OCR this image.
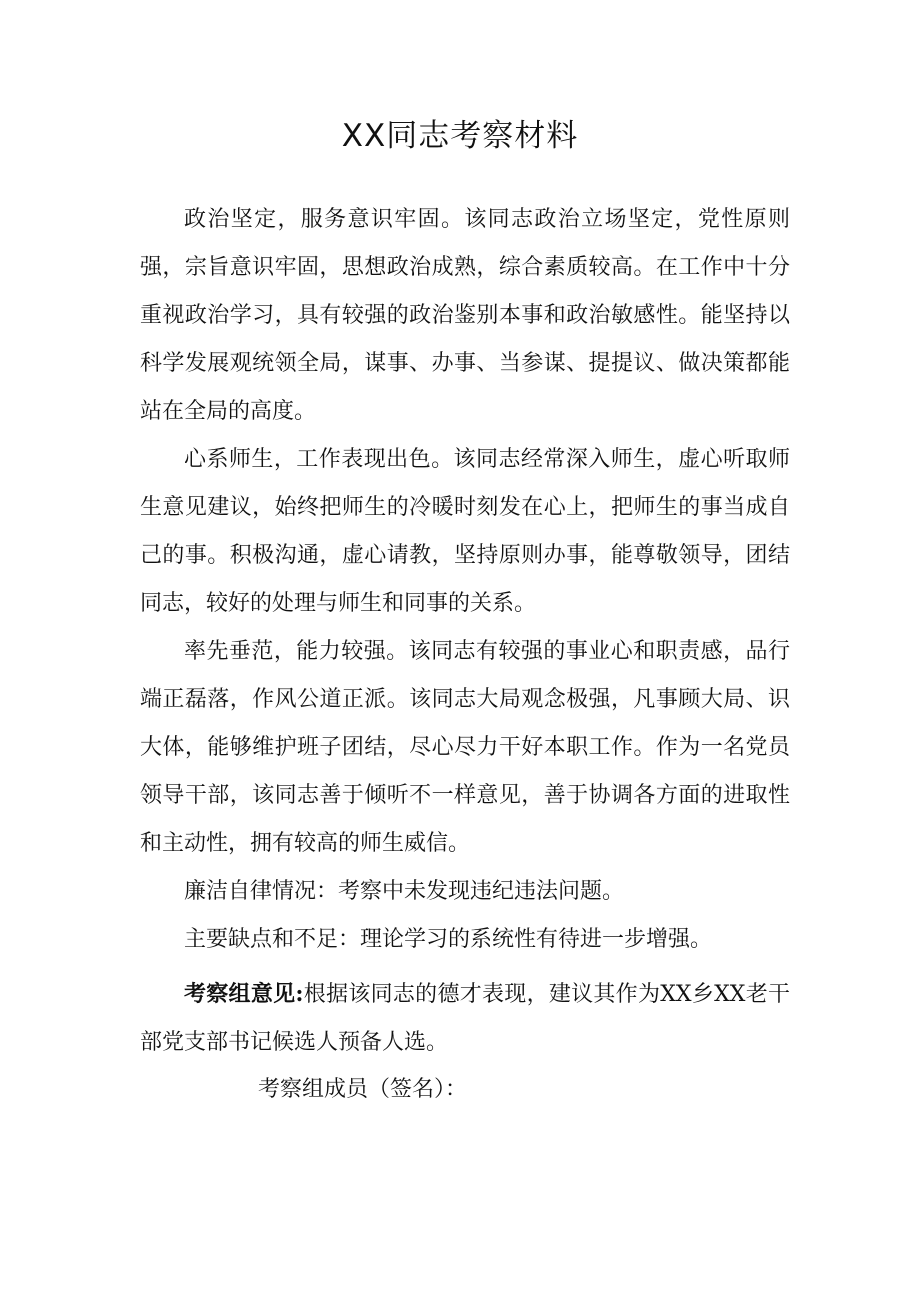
XX同志考察材料

政治坚定，服务意识牢固。该同志政治立场坚定，党性原则强，宗旨意识牢固，思想政治成熟，综合素质较高。在工作中十分重视政治学习，具有较强的政治鉴别本事和政治敏感性。能坚持以科学发展观统领全局，谋事、办事、当参谋、提提议、做决策都能站在全局的高度。

心系师生，工作表现出色。该同志经常深入师生，虚心听取师生意见建议，始终把师生的冷暖时刻发在心上，把师生的事当成自己的事。积极沟通，虚心请教，坚持原则办事，能尊敬领导，团结同志，较好的处理与师生和同事的关系。

率先垂范，能力较强。该同志有较强的事业心和职责感，品行端正磊落，作风公道正派。该同志大局观念极强，凡事顾大局、识大体，能够维护班子团结，尽心尽力干好本职工作。作为一名党员领导干部，该同志善于倾听不一样意见，善于协调各方面的进取性和主动性，拥有较高的师生威信。

廉洁自律情况：考察中未发现违纪违法问题。

主要缺点和不足：理论学习的系统性有待进一步增强。

考察组意见:根据该同志的德才表现，建议其作为XX乡XX老干部党支部书记候选人预备人选。

考察组成员（签名）：
